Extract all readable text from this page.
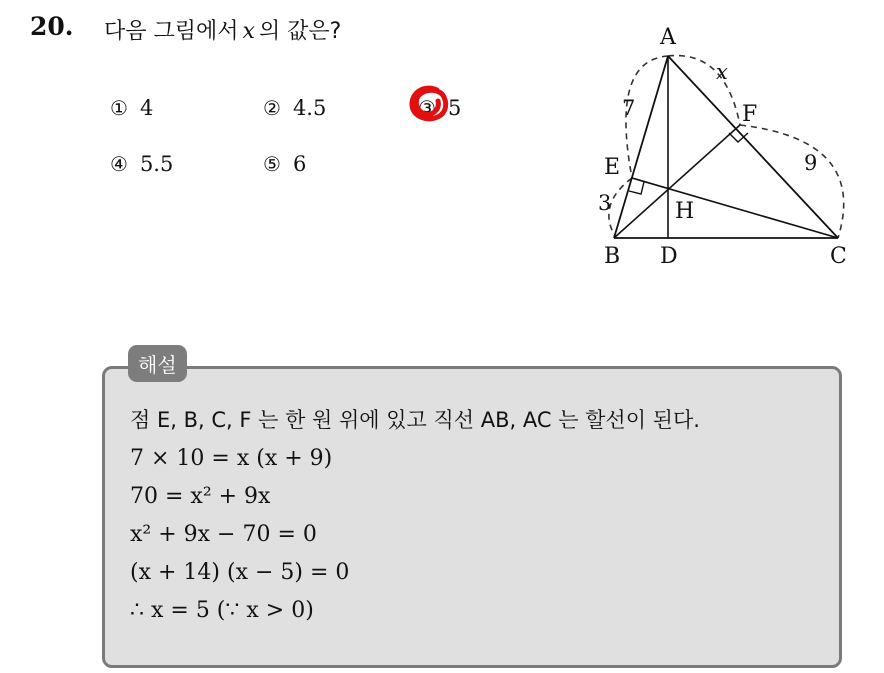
20. 다음 그림에서 x 의 값은?
① 4	② 4.5	③ 5
④ 5.5	⑤ 6
A
B	C
D
E
F
H
7
3
x
9
해설
점 E, B, C, F 는 한 원 위에 있고 직선 AB, AC 는 할선이 된다.
7 × 10 = x (x + 9)
70 = x² + 9x
x² + 9x − 70 = 0
(x + 14) (x − 5) = 0
∴ x = 5 (∵ x > 0)
